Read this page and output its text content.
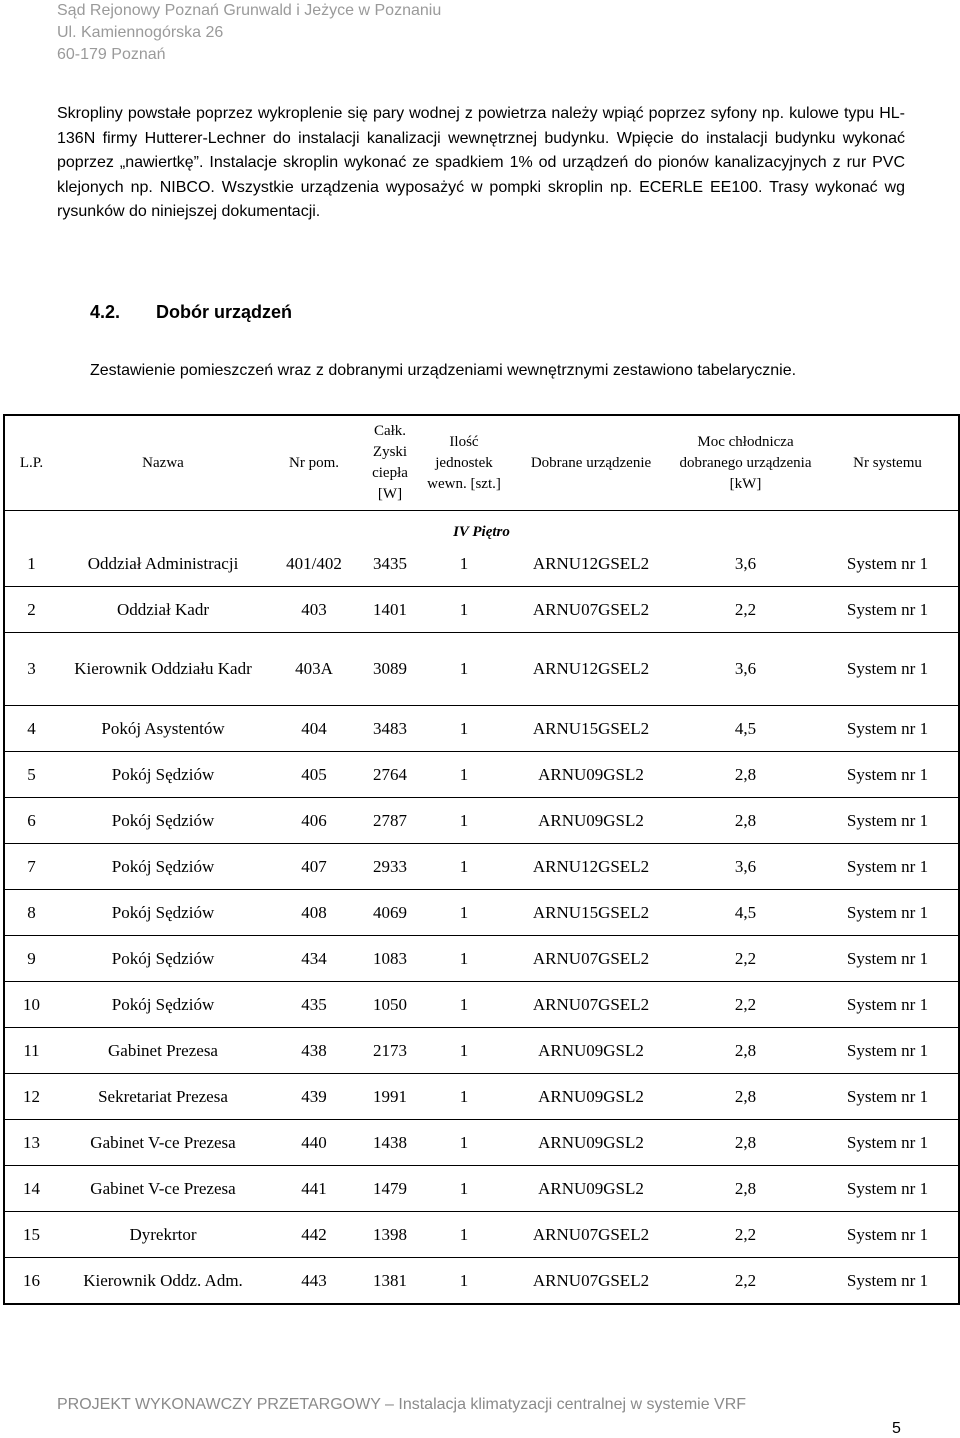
Sąd Rejonowy Poznań Grunwald i Jeżyce w Poznaniu
Ul. Kamiennogórska 26
60-179 Poznań
Skropliny powstałe poprzez wykroplenie się pary wodnej z powietrza należy wpiąć poprzez syfony np. kulowe typu HL-136N firmy Hutterer-Lechner do instalacji kanalizacji wewnętrznej budynku. Wpięcie do instalacji budynku wykonać poprzez „nawiertkę”. Instalacje skroplin wykonać ze spadkiem 1% od urządzeń do pionów kanalizacyjnych z rur PVC klejonych np. NIBCO. Wszystkie urządzenia wyposażyć w pompki skroplin np. ECERLE EE100. Trasy wykonać wg rysunków do niniejszej dokumentacji.
4.2. Dobór urządzeń
Zestawienie pomieszczeń wraz z dobranymi urządzeniami wewnętrznymi zestawiono tabelarycznie.
L.P.	Nazwa	Nr pom.	Całk. Zyski ciepła [W]	Ilość jednostek wewn. [szt.]	Dobrane urządzenie	Moc chłodnicza dobranego urządzenia [kW]	Nr systemu
IV Piętro							
1	Oddział Administracji	401/402	3435	1	ARNU12GSEL2	3,6	System nr 1
2	Oddział Kadr	403	1401	1	ARNU07GSEL2	2,2	System nr 1
3	Kierownik Oddziału Kadr	403A	3089	1	ARNU12GSEL2	3,6	System nr 1
4	Pokój Asystentów	404	3483	1	ARNU15GSEL2	4,5	System nr 1
5	Pokój Sędziów	405	2764	1	ARNU09GSL2	2,8	System nr 1
6	Pokój Sędziów	406	2787	1	ARNU09GSL2	2,8	System nr 1
7	Pokój Sędziów	407	2933	1	ARNU12GSEL2	3,6	System nr 1
8	Pokój Sędziów	408	4069	1	ARNU15GSEL2	4,5	System nr 1
9	Pokój Sędziów	434	1083	1	ARNU07GSEL2	2,2	System nr 1
10	Pokój Sędziów	435	1050	1	ARNU07GSEL2	2,2	System nr 1
11	Gabinet Prezesa	438	2173	1	ARNU09GSL2	2,8	System nr 1
12	Sekretariat Prezesa	439	1991	1	ARNU09GSL2	2,8	System nr 1
13	Gabinet V-ce Prezesa	440	1438	1	ARNU09GSL2	2,8	System nr 1
14	Gabinet V-ce Prezesa	441	1479	1	ARNU09GSL2	2,8	System nr 1
15	Dyrekrtor	442	1398	1	ARNU07GSEL2	2,2	System nr 1
16	Kierownik Oddz. Adm.	443	1381	1	ARNU07GSEL2	2,2	System nr 1
PROJEKT WYKONAWCZY PRZETARGOWY – Instalacja klimatyzacji centralnej w systemie VRF
5
